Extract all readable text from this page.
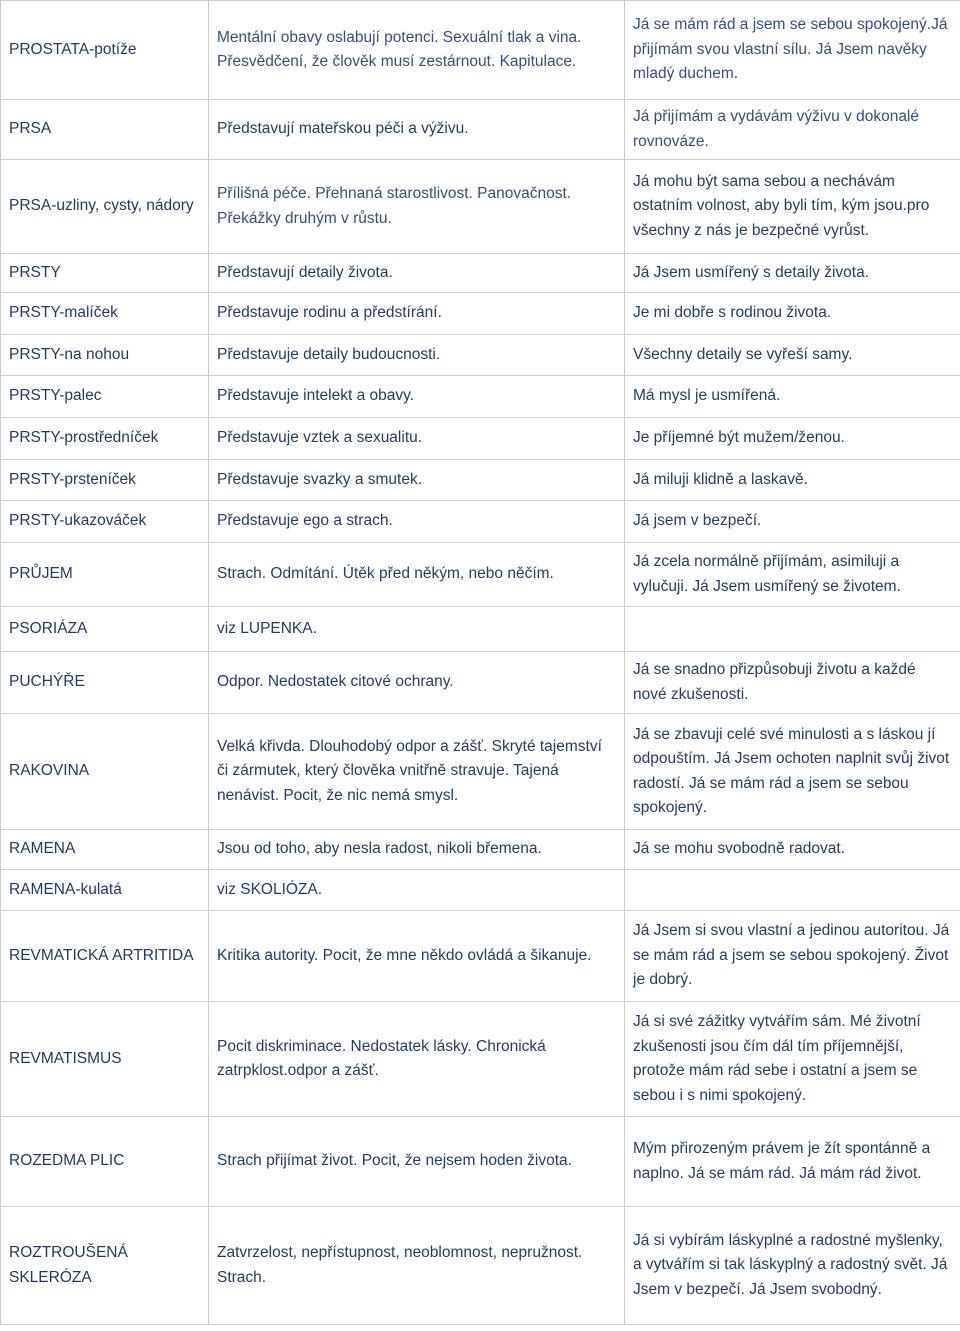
PROSTATA-potíže	Mentální obavy oslabují potenci. Sexuální tlak a vina. Přesvědčení, že člověk musí zestárnout. Kapitulace.	Já se mám rád a jsem se sebou spokojený.Já přijímám svou vlastní sílu. Já Jsem navěky mladý duchem.
PRSA	Představují mateřskou péči a výživu.	Já přijímám a vydávám výživu v dokonalé rovnováze.
PRSA-uzliny, cysty, nádory	Přílišná péče. Přehnaná starostlivost. Panovačnost. Překážky druhým v růstu.	Já mohu být sama sebou a nechávám ostatním volnost, aby byli tím, kým jsou.pro všechny z nás je bezpečné vyrůst.
PRSTY	Představují detaily života.	Já Jsem usmířený s detaily života.
PRSTY-malíček	Představuje rodinu a předstírání.	Je mi dobře s rodinou života.
PRSTY-na nohou	Představuje detaily budoucnosti.	Všechny detaily se vyřeší samy.
PRSTY-palec	Představuje intelekt a obavy.	Má mysl je usmířená.
PRSTY-prostředníček	Představuje vztek a sexualitu.	Je příjemné být mužem/ženou.
PRSTY-prsteníček	Představuje svazky a smutek.	Já miluji klidně a laskavě.
PRSTY-ukazováček	Představuje ego a strach.	Já jsem v bezpečí.
PRŮJEM	Strach. Odmítání. Útěk před někým, nebo něčím.	Já zcela normálně přijímám, asimiluji a vylučuji. Já Jsem usmířený se životem.
PSORIÁZA	viz LUPENKA.	
PUCHÝŘE	Odpor. Nedostatek citové ochrany.	Já se snadno přizpůsobuji životu a každé nové zkušenosti.
RAKOVINA	Velká křivda. Dlouhodobý odpor a zášť. Skryté tajemství či zármutek, který člověka vnitřně stravuje. Tajená nenávist. Pocit, že nic nemá smysl.	Já se zbavuji celé své minulosti a s láskou jí odpouštím. Já Jsem ochoten naplnit svůj život radostí. Já se mám rád a jsem se sebou spokojený.
RAMENA	Jsou od toho, aby nesla radost, nikoli břemena.	Já se mohu svobodně radovat.
RAMENA-kulatá	viz SKOLIÓZA.	
REVMATICKÁ ARTRITIDA	Kritika autority. Pocit, že mne někdo ovládá a šikanuje.	Já Jsem si svou vlastní a jedinou autoritou. Já se mám rád a jsem se sebou spokojený. Život je dobrý.
REVMATISMUS	Pocit diskriminace. Nedostatek lásky. Chronická zatrpklost.odpor a zášť.	Já si své zážitky vytvářím sám. Mé životní zkušenosti jsou čím dál tím příjemnější, protože mám rád sebe i ostatní a jsem se sebou i s nimi spokojený.
ROZEDMA PLIC	Strach přijímat život. Pocit, že nejsem hoden života.	Mým přirozeným právem je žít spontánně a naplno. Já se mám rád. Já mám rád život.
ROZTROUŠENÁ SKLERÓZA	Zatvrzelost, nepřístupnost, neoblomnost, nepružnost. Strach.	Já si vybírám láskyplné a radostné myšlenky, a vytvářím si tak láskyplný a radostný svět. Já Jsem v bezpečí. Já Jsem svobodný.
